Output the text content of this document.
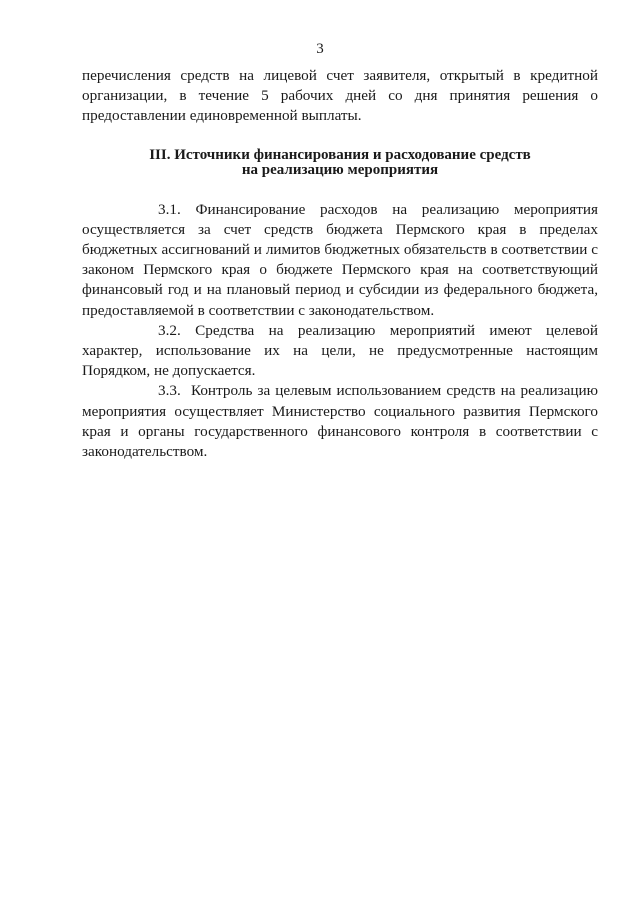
3

перечисления средств на лицевой счет заявителя, открытый в кредитной организации, в течение 5 рабочих дней со дня принятия решения о предоставлении единовременной выплаты.

III. Источники финансирования и расходование средств
на реализацию мероприятия

3.1. Финансирование расходов на реализацию мероприятия осуществляется за счет средств бюджета Пермского края в пределах бюджетных ассигнований и лимитов бюджетных обязательств в соответствии с законом Пермского края о бюджете Пермского края на соответствующий финансовый год и на плановый период и субсидии из федерального бюджета, предоставляемой в соответствии с законодательством.

3.2. Средства на реализацию мероприятий имеют целевой характер, использование их на цели, не предусмотренные настоящим Порядком, не допускается.

3.3. Контроль за целевым использованием средств на реализацию мероприятия осуществляет Министерство социального развития Пермского края и органы государственного финансового контроля в соответствии с законодательством.
